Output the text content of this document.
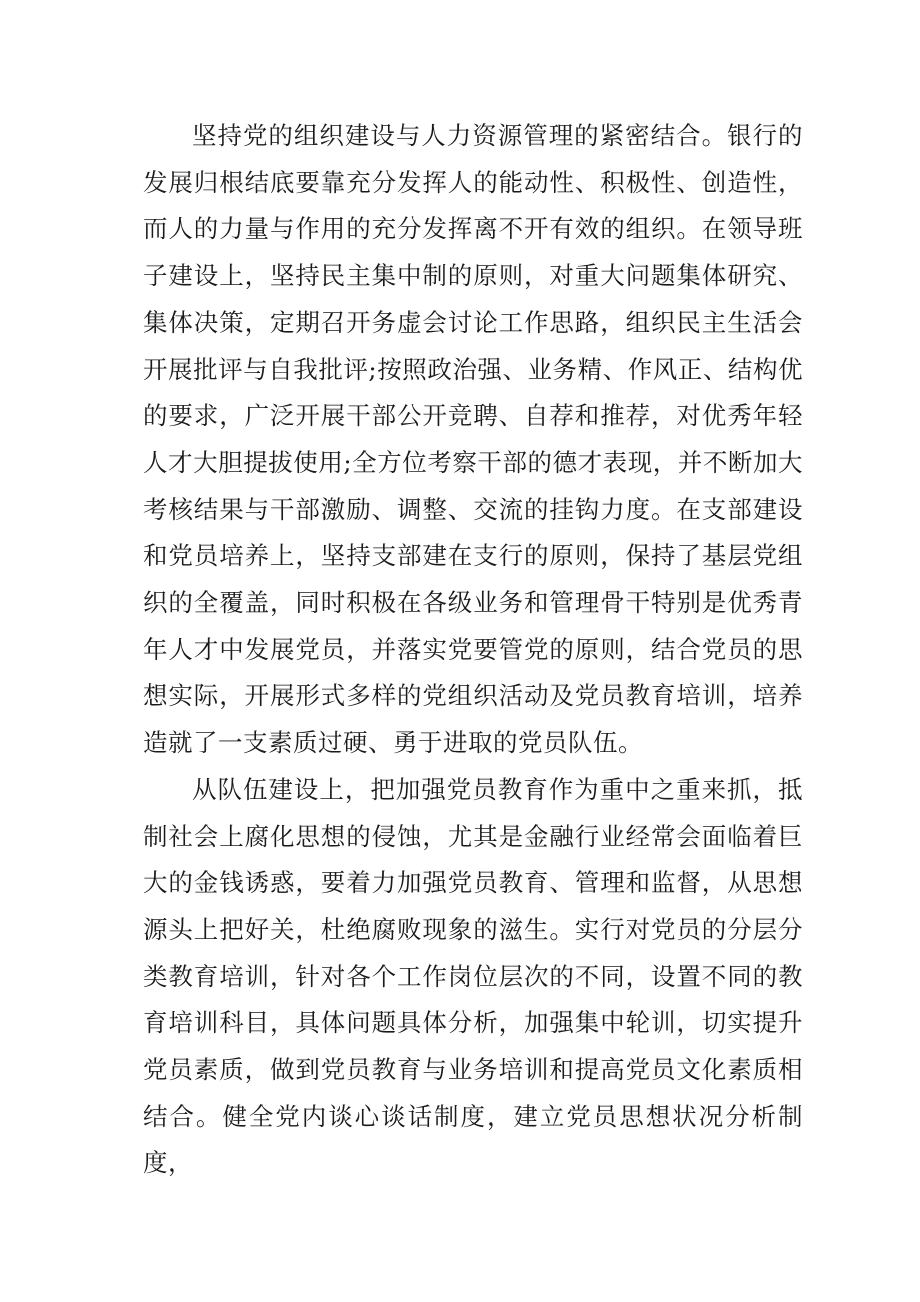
坚持党的组织建设与人力资源管理的紧密结合。银行的发展归根结底要靠充分发挥人的能动性、积极性、创造性，而人的力量与作用的充分发挥离不开有效的组织。在领导班子建设上，坚持民主集中制的原则，对重大问题集体研究、集体决策，定期召开务虚会讨论工作思路，组织民主生活会开展批评与自我批评;按照政治强、业务精、作风正、结构优的要求，广泛开展干部公开竞聘、自荐和推荐，对优秀年轻人才大胆提拔使用;全方位考察干部的德才表现，并不断加大考核结果与干部激励、调整、交流的挂钩力度。在支部建设和党员培养上，坚持支部建在支行的原则，保持了基层党组织的全覆盖，同时积极在各级业务和管理骨干特别是优秀青年人才中发展党员，并落实党要管党的原则，结合党员的思想实际，开展形式多样的党组织活动及党员教育培训，培养造就了一支素质过硬、勇于进取的党员队伍。

从队伍建设上，把加强党员教育作为重中之重来抓，抵制社会上腐化思想的侵蚀，尤其是金融行业经常会面临着巨大的金钱诱惑，要着力加强党员教育、管理和监督，从思想源头上把好关，杜绝腐败现象的滋生。实行对党员的分层分类教育培训，针对各个工作岗位层次的不同，设置不同的教育培训科目，具体问题具体分析，加强集中轮训，切实提升党员素质，做到党员教育与业务培训和提高党员文化素质相结合。健全党内谈心谈话制度，建立党员思想状况分析制度，
